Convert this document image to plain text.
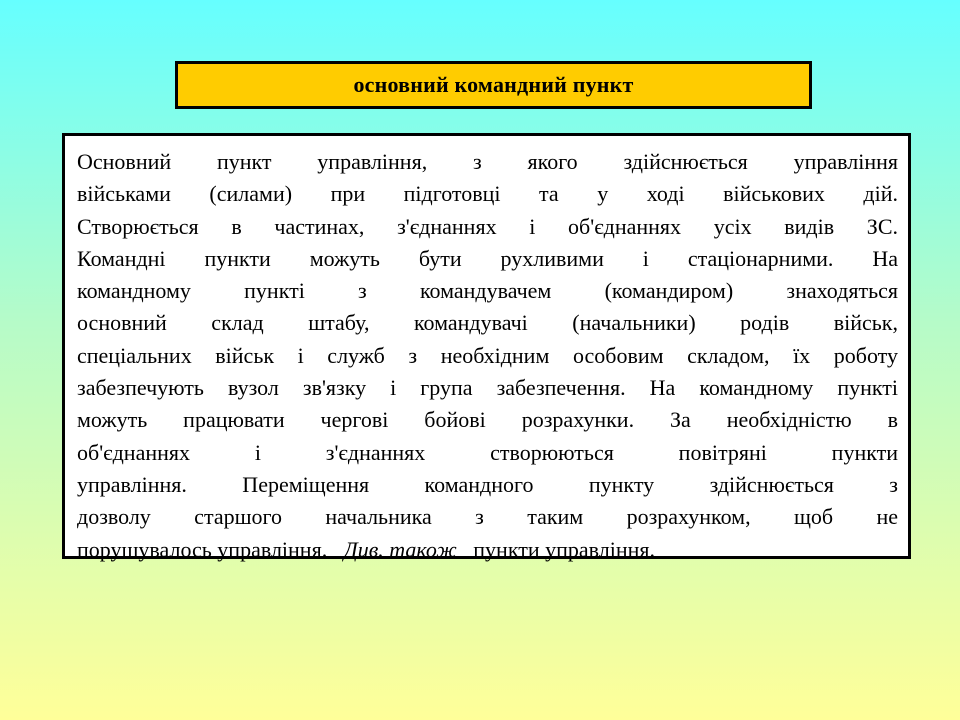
основний командний пункт
Основний пункт управління, з якого здійснюється управління
військами (силами) при підготовці та у ході військових дій.
Створюється в частинах, з'єднаннях і об'єднаннях усіх видів ЗС.
Командні пункти можуть бути рухливими і стаціонарними. На
командному пункті з командувачем (командиром) знаходяться
основний склад штабу, командувачі (начальники) родів військ,
спеціальних військ і служб з необхідним особовим складом, їх роботу
забезпечують вузол зв'язку і група забезпечення. На командному пункті
можуть працювати чергові бойові розрахунки. За необхідністю в
об'єднаннях і з'єднаннях створюються повітряні пункти
управління. Переміщення командного пункту здійснюється з
дозволу старшого начальника з таким розрахунком, щоб не
порушувалось управління. Див. також пункти управління.
